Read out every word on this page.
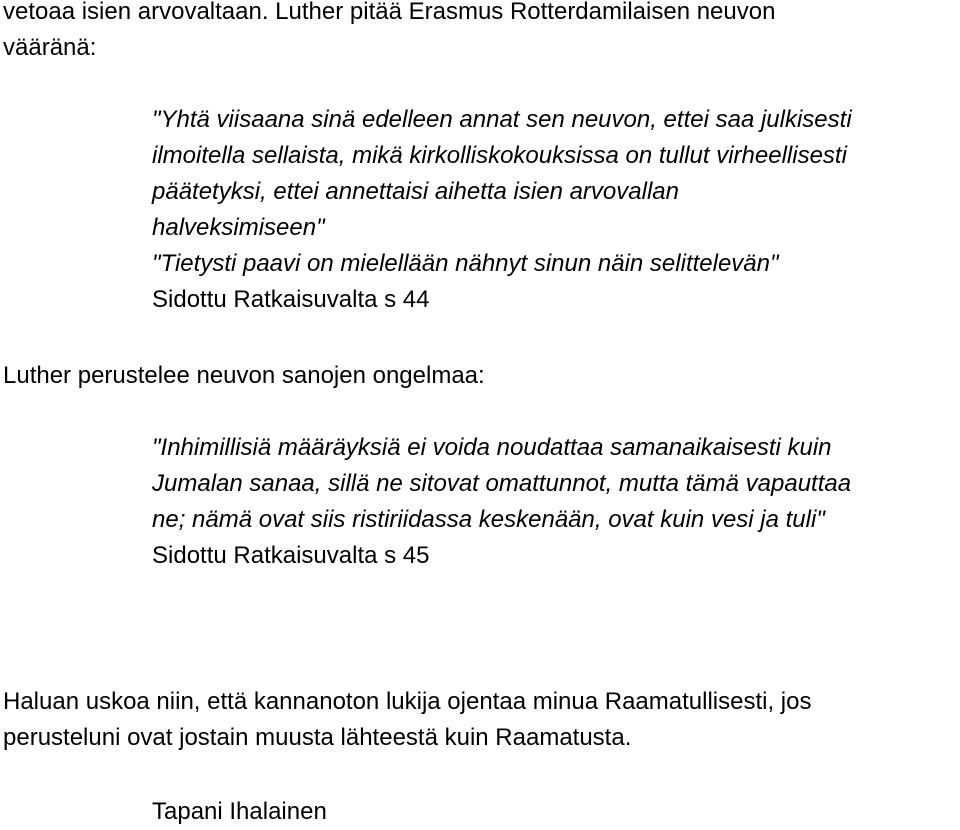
vetoaa isien arvovaltaan. Luther pitää Erasmus Rotterdamilaisen neuvon

vääränä:

"Yhtä viisaana sinä edelleen annat sen neuvon, ettei saa julkisesti

ilmoitella sellaista, mikä kirkolliskokouksissa on tullut virheellisesti

päätetyksi, ettei annettaisi aihetta isien arvovallan

halveksimiseen"

"Tietysti paavi on mielellään nähnyt sinun näin selittelevän"

Sidottu Ratkaisuvalta s 44

Luther perustelee neuvon sanojen ongelmaa:

"Inhimillisiä määräyksiä ei voida noudattaa samanaikaisesti kuin

Jumalan sanaa, sillä ne sitovat omattunnot, mutta tämä vapauttaa

ne; nämä ovat siis ristiriidassa keskenään, ovat kuin vesi ja tuli"

Sidottu Ratkaisuvalta s 45

Haluan uskoa niin, että kannanoton lukija ojentaa minua Raamatullisesti, jos

perusteluni ovat jostain muusta lähteestä kuin Raamatusta.

Tapani Ihalainen
